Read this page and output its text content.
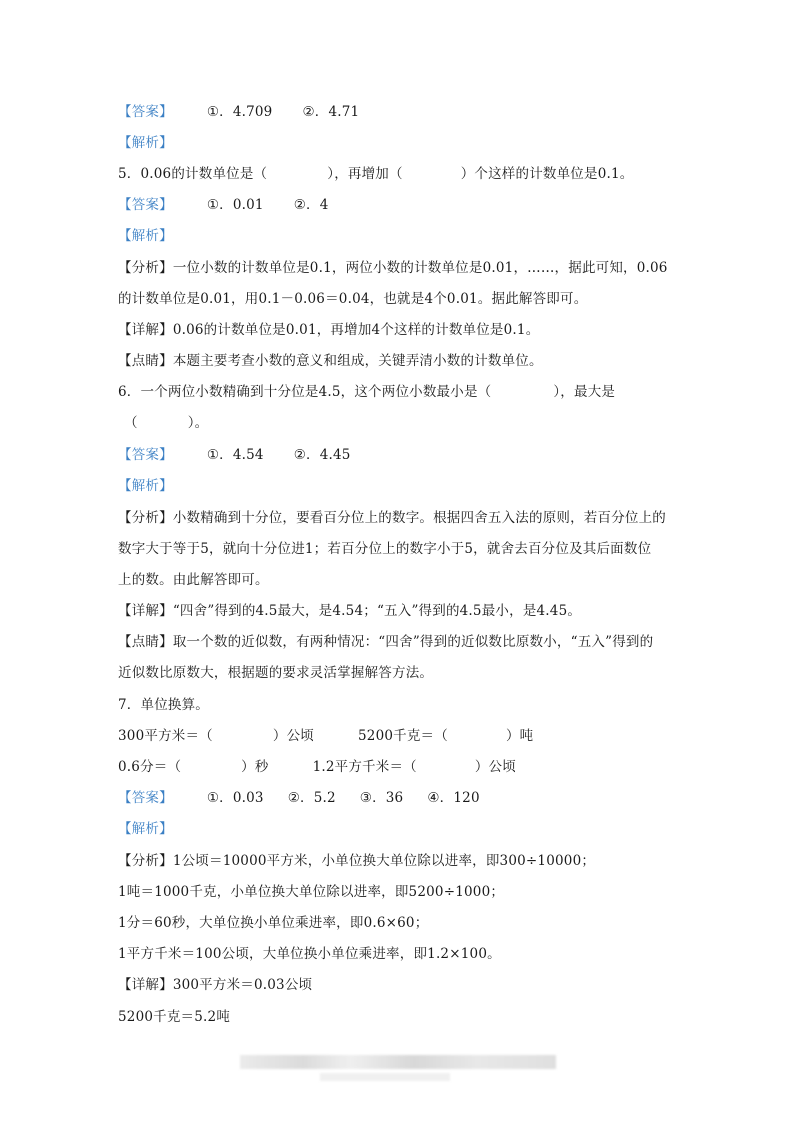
【答案】	①．4.709 ②．4.71
【解析】
5．0.06的计数单位是（	），再增加（	）个这样的计数单位是0.1。
【答案】	①．0.01 ②．4
【解析】
【分析】一位小数的计数单位是0.1，两位小数的计数单位是0.01，……，据此可知，0.06
的计数单位是0.01，用0.1－0.06＝0.04，也就是4个0.01。据此解答即可。
【详解】0.06的计数单位是0.01，再增加4个这样的计数单位是0.1。
【点睛】本题主要考查小数的意义和组成，关键弄清小数的计数单位。
6．一个两位小数精确到十分位是4.5，这个两位小数最小是（	），最大是
（	）。
【答案】	①．4.54 ②．4.45
【解析】
【分析】小数精确到十分位，要看百分位上的数字。根据四舍五入法的原则，若百分位上的
数字大于等于5，就向十分位进1；若百分位上的数字小于5，就舍去百分位及其后面数位
上的数。由此解答即可。
【详解】“四舍”得到的4.5最大，是4.54；“五入”得到的4.5最小，是4.45。
【点睛】取一个数的近似数，有两种情况：“四舍”得到的近似数比原数小，“五入”得到的
近似数比原数大，根据题的要求灵活掌握解答方法。
7．单位换算。
300平方米＝（	）公顷	5200千克＝（	）吨
0.6分＝（	）秒	1.2平方千米＝（	）公顷
【答案】	①．0.03 ②．5.2 ③．36 ④．120
【解析】
【分析】1公顷＝10000平方米，小单位换大单位除以进率，即300÷10000；
1吨＝1000千克，小单位换大单位除以进率，即5200÷1000；
1分＝60秒，大单位换小单位乘进率，即0.6×60；
1平方千米＝100公顷，大单位换小单位乘进率，即1.2×100。
【详解】300平方米＝0.03公顷
5200千克＝5.2吨
